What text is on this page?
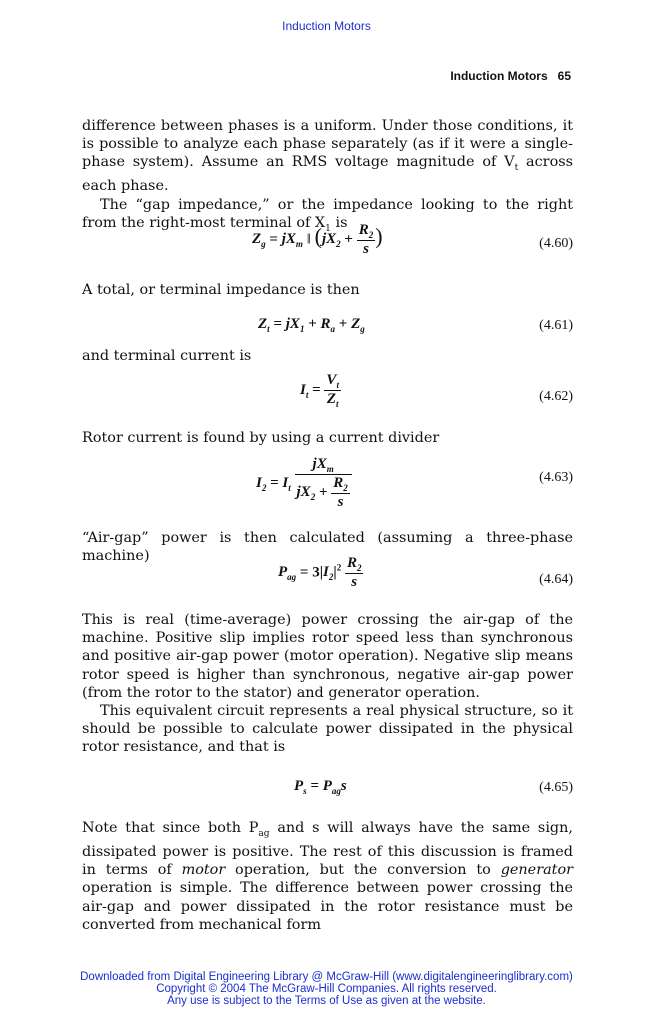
Induction Motors
Induction Motors 65

difference between phases is a uniform. Under those conditions, it is possible to analyze each phase separately (as if it were a single-phase system). Assume an RMS voltage magnitude of $V_t$ across each phase.

The “gap impedance,” or the impedance looking to the right from the right-most terminal of $X_1$ is

$Z_g = jX_m$ ‖ ($jX_2 + \frac{R_2}{s}$ )	(4.60)

A total, or terminal impedance is then

$Z_t = jX_1 + R_a + Z_g$	(4.61)

and terminal current is

$I_t = \frac{V_t}{Z_t}$	(4.62)

Rotor current is found by using a current divider

$I_2 = I_t \frac{jX_m}{jX_2 + \frac{R_2}{s}}$	(4.63)

“Air-gap” power is then calculated (assuming a three-phase machine)

$P_{ag} = 3|I_2|^2 \frac{R_2}{s}$	(4.64)

This is real (time-average) power crossing the air-gap of the machine. Positive slip implies rotor speed less than synchronous and positive air-gap power (motor operation). Negative slip means rotor speed is higher than synchronous, negative air-gap power (from the rotor to the stator) and generator operation.

This equivalent circuit represents a real physical structure, so it should be possible to calculate power dissipated in the physical rotor resistance, and that is

$P_s = P_{ag}s$	(4.65)

Note that since both $P_{ag}$ and s will always have the same sign, dissipated power is positive. The rest of this discussion is framed in terms of motor operation, but the conversion to generator operation is simple. The difference between power crossing the air-gap and power dissipated in the rotor resistance must be converted from mechanical form

Downloaded from Digital Engineering Library @ McGraw-Hill (www.digitalengineeringlibrary.com)
Copyright © 2004 The McGraw-Hill Companies. All rights reserved.
Any use is subject to the Terms of Use as given at the website.
